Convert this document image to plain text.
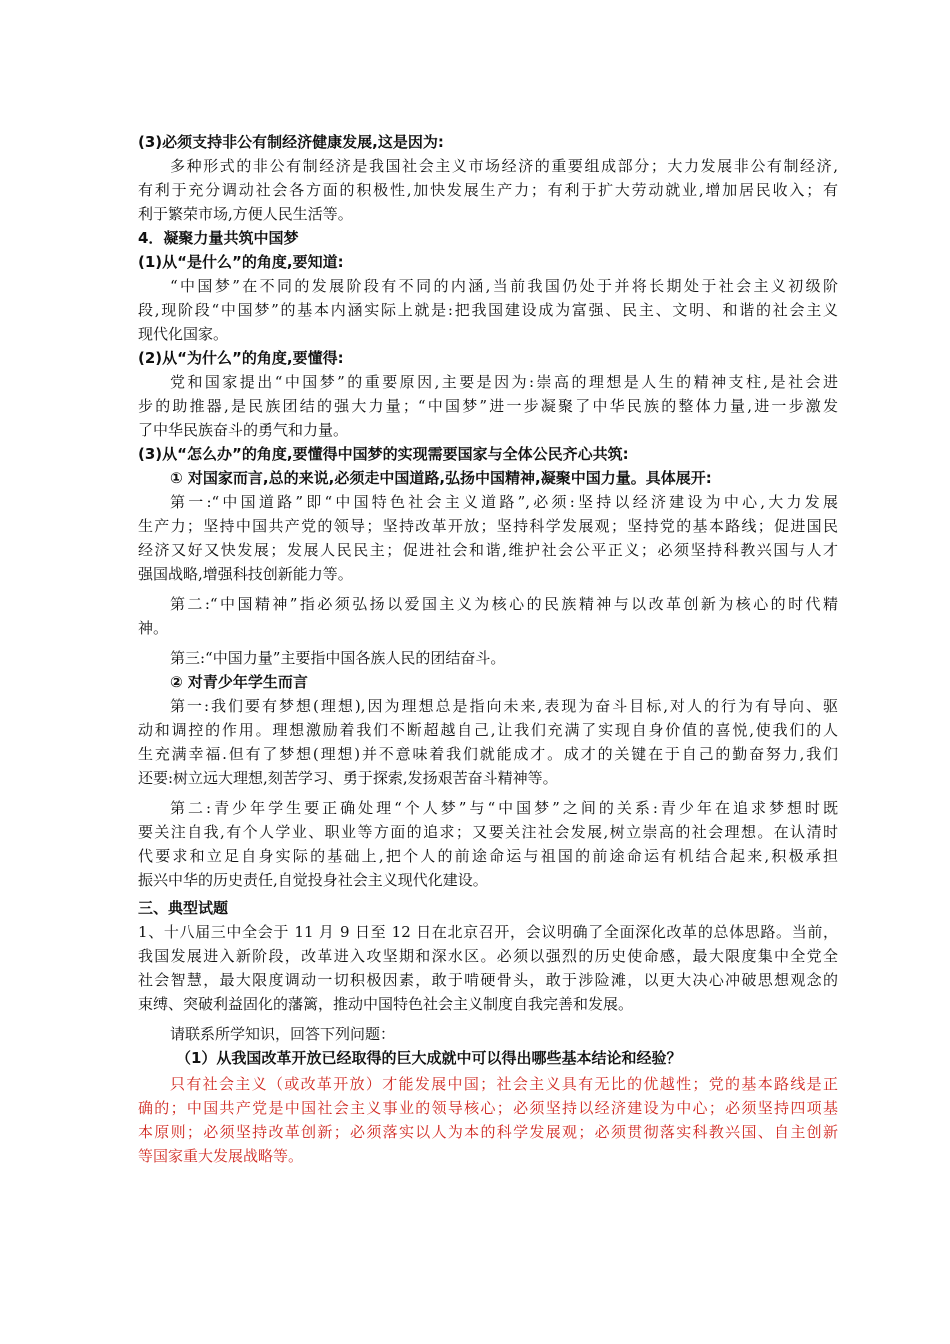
(3)必须支持非公有制经济健康发展,这是因为:
多种形式的非公有制经济是我国社会主义市场经济的重要组成部分；大力发展非公有制经济,
有利于充分调动社会各方面的积极性,加快发展生产力；有利于扩大劳动就业,增加居民收入；有
利于繁荣市场,方便人民生活等。
4．凝聚力量共筑中国梦
(1)从“是什么”的角度,要知道:
“中国梦”在不同的发展阶段有不同的内涵,当前我国仍处于并将长期处于社会主义初级阶
段,现阶段“中国梦”的基本内涵实际上就是:把我国建设成为富强、民主、文明、和谐的社会主义
现代化国家。
(2)从“为什么”的角度,要懂得:
党和国家提出“中国梦”的重要原因,主要是因为:崇高的理想是人生的精神支柱,是社会进
步的助推器,是民族团结的强大力量；“中国梦”进一步凝聚了中华民族的整体力量,进一步激发
了中华民族奋斗的勇气和力量。
(3)从“怎么办”的角度,要懂得中国梦的实现需要国家与全体公民齐心共筑:
① 对国家而言,总的来说,必须走中国道路,弘扬中国精神,凝聚中国力量。具体展开:
第一:“中国道路”即“中国特色社会主义道路”,必须:坚持以经济建设为中心,大力发展
生产力；坚持中国共产党的领导；坚持改革开放；坚持科学发展观；坚持党的基本路线；促进国民
经济又好又快发展；发展人民民主；促进社会和谐,维护社会公平正义；必须坚持科教兴国与人才
强国战略,增强科技创新能力等。
第二:“中国精神”指必须弘扬以爱国主义为核心的民族精神与以改革创新为核心的时代精
神。
第三:“中国力量”主要指中国各族人民的团结奋斗。
② 对青少年学生而言
第一:我们要有梦想(理想),因为理想总是指向未来,表现为奋斗目标,对人的行为有导向、驱
动和调控的作用。理想激励着我们不断超越自己,让我们充满了实现自身价值的喜悦,使我们的人
生充满幸福.但有了梦想(理想)并不意味着我们就能成才。成才的关键在于自己的勤奋努力,我们
还要:树立远大理想,刻苦学习、勇于探索,发扬艰苦奋斗精神等。
第二:青少年学生要正确处理“个人梦”与“中国梦”之间的关系:青少年在追求梦想时既
要关注自我,有个人学业、职业等方面的追求；又要关注社会发展,树立崇高的社会理想。在认清时
代要求和立足自身实际的基础上,把个人的前途命运与祖国的前途命运有机结合起来,积极承担
振兴中华的历史责任,自觉投身社会主义现代化建设。
三、典型试题
1、十八届三中全会于 11 月 9 日至 12 日在北京召开，会议明确了全面深化改革的总体思路。当前，
我国发展进入新阶段，改革进入攻坚期和深水区。必须以强烈的历史使命感，最大限度集中全党全
社会智慧，最大限度调动一切积极因素，敢于啃硬骨头，敢于涉险滩，以更大决心冲破思想观念的
束缚、突破利益固化的藩篱，推动中国特色社会主义制度自我完善和发展。
请联系所学知识，回答下列问题：
（1）从我国改革开放已经取得的巨大成就中可以得出哪些基本结论和经验？
只有社会主义（或改革开放）才能发展中国；社会主义具有无比的优越性；党的基本路线是正
确的；中国共产党是中国社会主义事业的领导核心；必须坚持以经济建设为中心；必须坚持四项基
本原则；必须坚持改革创新；必须落实以人为本的科学发展观；必须贯彻落实科教兴国、自主创新
等国家重大发展战略等。
